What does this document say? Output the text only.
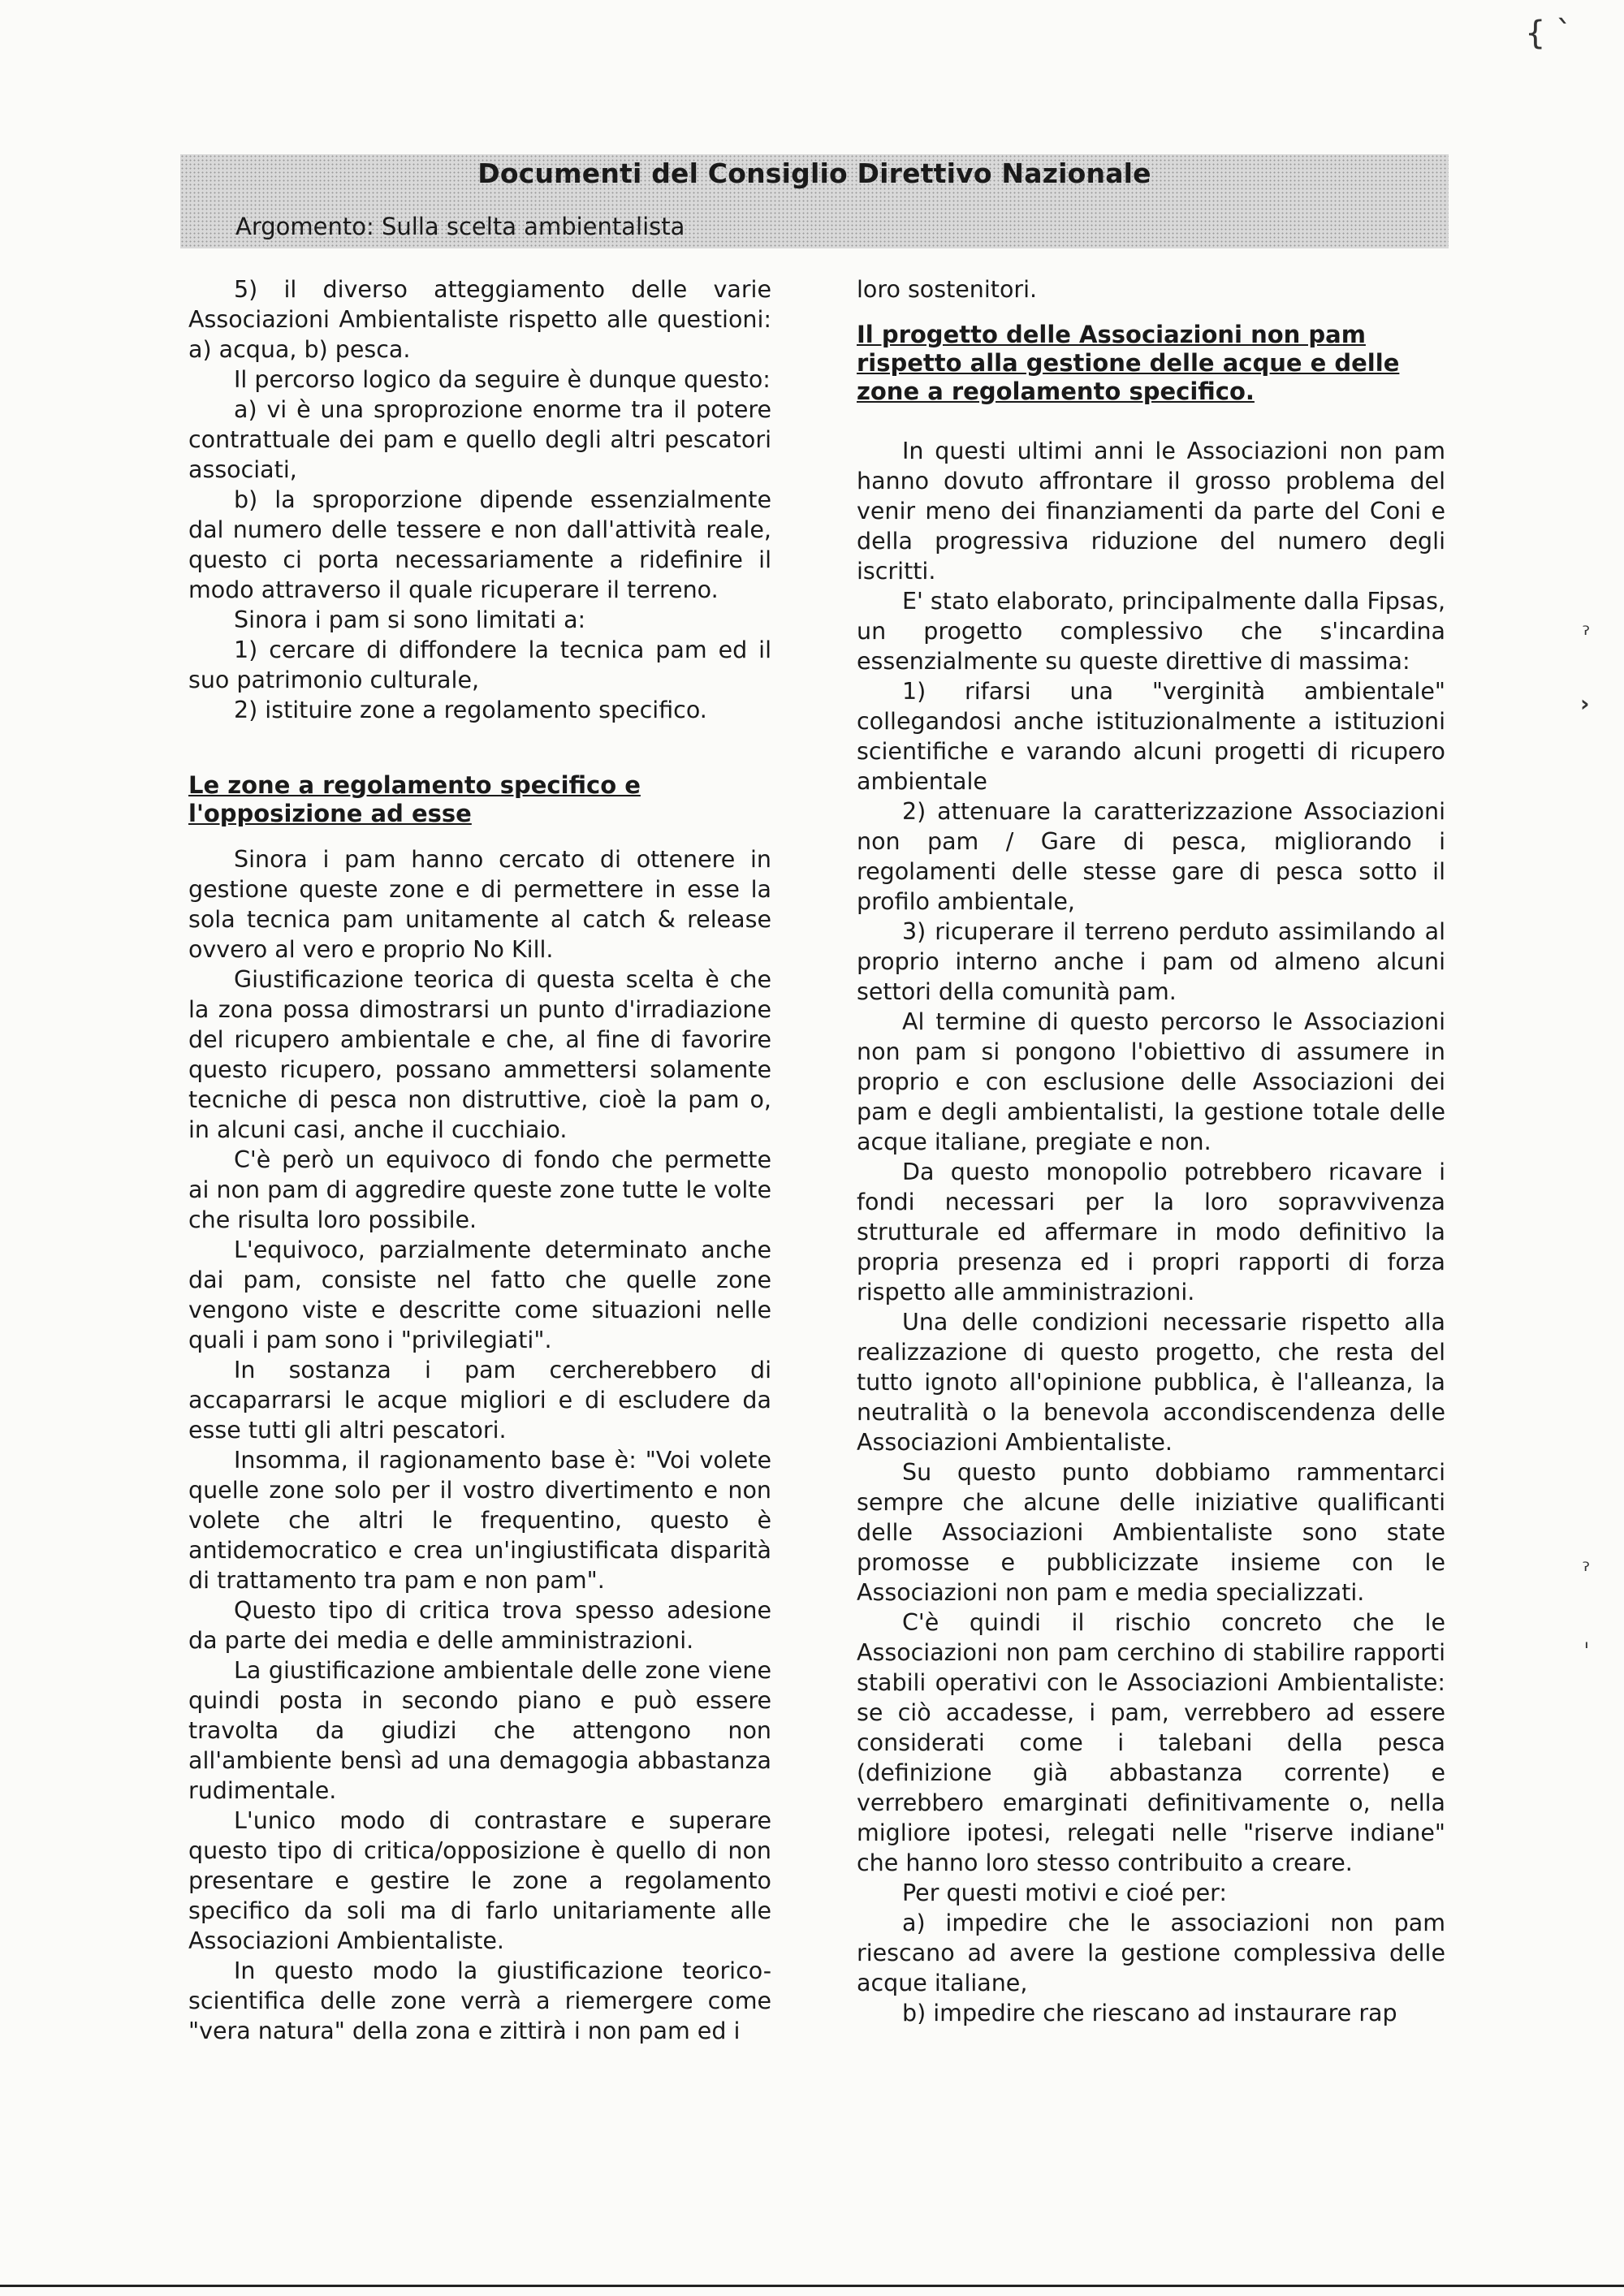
Documenti del Consiglio Direttivo Nazionale
Argomento: Sulla scelta ambientalista

5) il diverso atteggiamento delle varie Associazioni Ambientaliste rispetto alle questioni: a) acqua, b) pesca.

Il percorso logico da seguire è dunque questo:

a) vi è una sproprozione enorme tra il potere contrattuale dei pam e quello degli altri pescatori associati,

b) la sproporzione dipende essenzialmente dal numero delle tessere e non dall'attività reale, questo ci porta necessariamente a ridefinire il modo attraverso il quale ricuperare il terreno.

Sinora i pam si sono limitati a:

1) cercare di diffondere la tecnica pam ed il suo patrimonio culturale,

2) istituire zone a regolamento specifico.

Le zone a regolamento specifico e l'opposizione ad esse

Sinora i pam hanno cercato di ottenere in gestione queste zone e di permettere in esse la sola tecnica pam unitamente al catch & release ovvero al vero e proprio No Kill.

Giustificazione teorica di questa scelta è che la zona possa dimostrarsi un punto d'irradiazione del ricupero ambientale e che, al fine di favorire questo ricupero, possano ammettersi solamente tecniche di pesca non distruttive, cioè la pam o, in alcuni casi, anche il cucchiaio.

C'è però un equivoco di fondo che permette ai non pam di aggredire queste zone tutte le volte che risulta loro possibile.

L'equivoco, parzialmente determinato anche dai pam, consiste nel fatto che quelle zone vengono viste e descritte come situazioni nelle quali i pam sono i "privilegiati".

In sostanza i pam cercherebbero di accaparrarsi le acque migliori e di escludere da esse tutti gli altri pescatori.

Insomma, il ragionamento base è: "Voi volete quelle zone solo per il vostro divertimento e non volete che altri le frequentino, questo è antidemocratico e crea un'ingiustificata disparità di trattamento tra pam e non pam".

Questo tipo di critica trova spesso adesione da parte dei media e delle amministrazioni.

La giustificazione ambientale delle zone viene quindi posta in secondo piano e può essere travolta da giudizi che attengono non all'ambiente bensì ad una demagogia abbastanza rudimentale.

L'unico modo di contrastare e superare questo tipo di critica/opposizione è quello di non presentare e gestire le zone a regolamento specifico da soli ma di farlo unitariamente alle Associazioni Ambientaliste.

In questo modo la giustificazione teorico-scientifica delle zone verrà a riemergere come "vera natura" della zona e zittirà i non pam ed i

loro sostenitori.

Il progetto delle Associazioni non pam rispetto alla gestione delle acque e delle zone a regolamento specifico.

In questi ultimi anni le Associazioni non pam hanno dovuto affrontare il grosso problema del venir meno dei finanziamenti da parte del Coni e della progressiva riduzione del numero degli iscritti.

E' stato elaborato, principalmente dalla Fipsas, un progetto complessivo che s'incardina essenzialmente su queste direttive di massima:

1) rifarsi una "verginità ambientale" collegandosi anche istituzionalmente a istituzioni scientifiche e varando alcuni progetti di ricupero ambientale

2) attenuare la caratterizzazione Associazioni non pam / Gare di pesca, migliorando i regolamenti delle stesse gare di pesca sotto il profilo ambientale,

3) ricuperare il terreno perduto assimilando al proprio interno anche i pam od almeno alcuni settori della comunità pam.

Al termine di questo percorso le Associazioni non pam si pongono l'obiettivo di assumere in proprio e con esclusione delle Associazioni dei pam e degli ambientalisti, la gestione totale delle acque italiane, pregiate e non.

Da questo monopolio potrebbero ricavare i fondi necessari per la loro sopravvivenza strutturale ed affermare in modo definitivo la propria presenza ed i propri rapporti di forza rispetto alle amministrazioni.

Una delle condizioni necessarie rispetto alla realizzazione di questo progetto, che resta del tutto ignoto all'opinione pubblica, è l'alleanza, la neutralità o la benevola accondiscendenza delle Associazioni Ambientaliste.

Su questo punto dobbiamo rammentarci sempre che alcune delle iniziative qualificanti delle Associazioni Ambientaliste sono state promosse e pubblicizzate insieme con le Associazioni non pam e media specializzati.

C'è quindi il rischio concreto che le Associazioni non pam cerchino di stabilire rapporti stabili operativi con le Associazioni Ambientaliste: se ciò accadesse, i pam, verrebbero ad essere considerati come i talebani della pesca (definizione già abbastanza corrente) e verrebbero emarginati definitivamente o, nella migliore ipotesi, relegati nelle "riserve indiane" che hanno loro stesso contribuito a creare.

Per questi motivi e cioé per:

a) impedire che le associazioni non pam riescano ad avere la gestione complessiva delle acque italiane,

b) impedire che riescano ad instaurare rap

{ ˋ
ˀ
›
ˀ
ˌ
